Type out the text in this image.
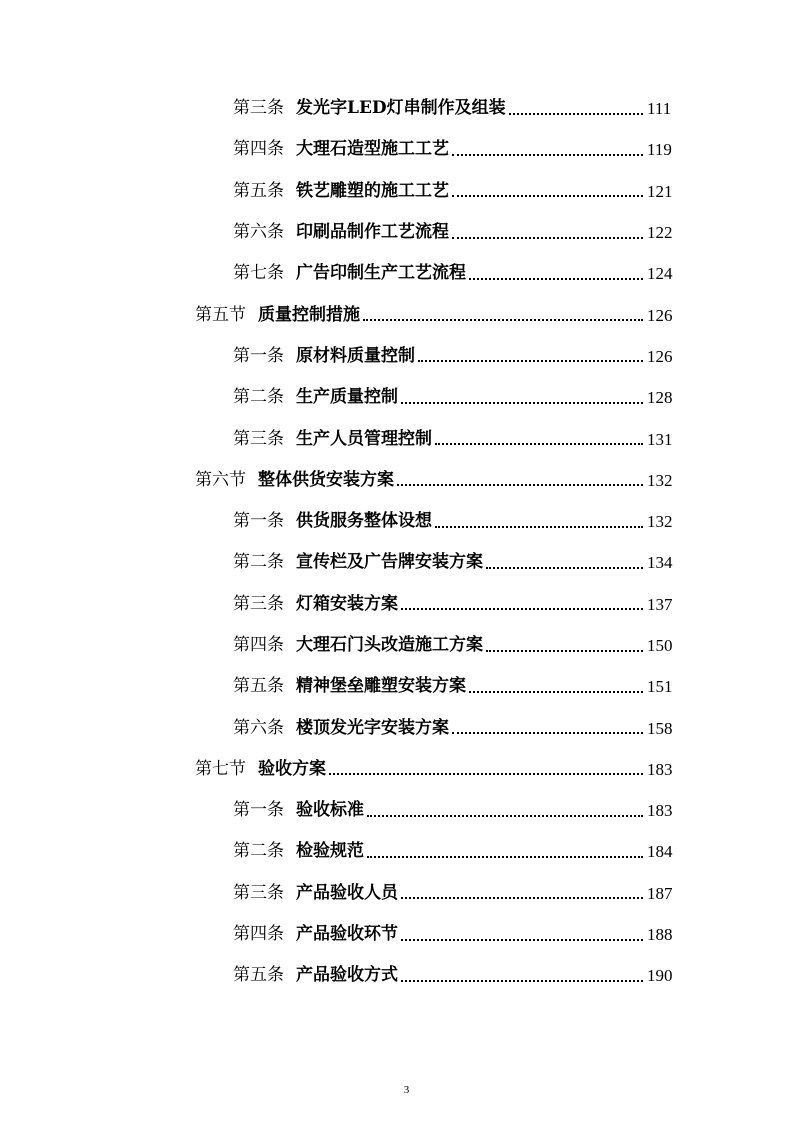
第三条 发光字LED灯串制作及组装	111
第四条 大理石造型施工工艺	119
第五条 铁艺雕塑的施工工艺	121
第六条 印刷品制作工艺流程	122
第七条 广告印制生产工艺流程	124
第五节 质量控制措施	126
第一条 原材料质量控制	126
第二条 生产质量控制	128
第三条 生产人员管理控制	131
第六节 整体供货安装方案	132
第一条 供货服务整体设想	132
第二条 宣传栏及广告牌安装方案	134
第三条 灯箱安装方案	137
第四条 大理石门头改造施工方案	150
第五条 精神堡垒雕塑安装方案	151
第六条 楼顶发光字安装方案	158
第七节 验收方案	183
第一条 验收标准	183
第二条 检验规范	184
第三条 产品验收人员	187
第四条 产品验收环节	188
第五条 产品验收方式	190
3
